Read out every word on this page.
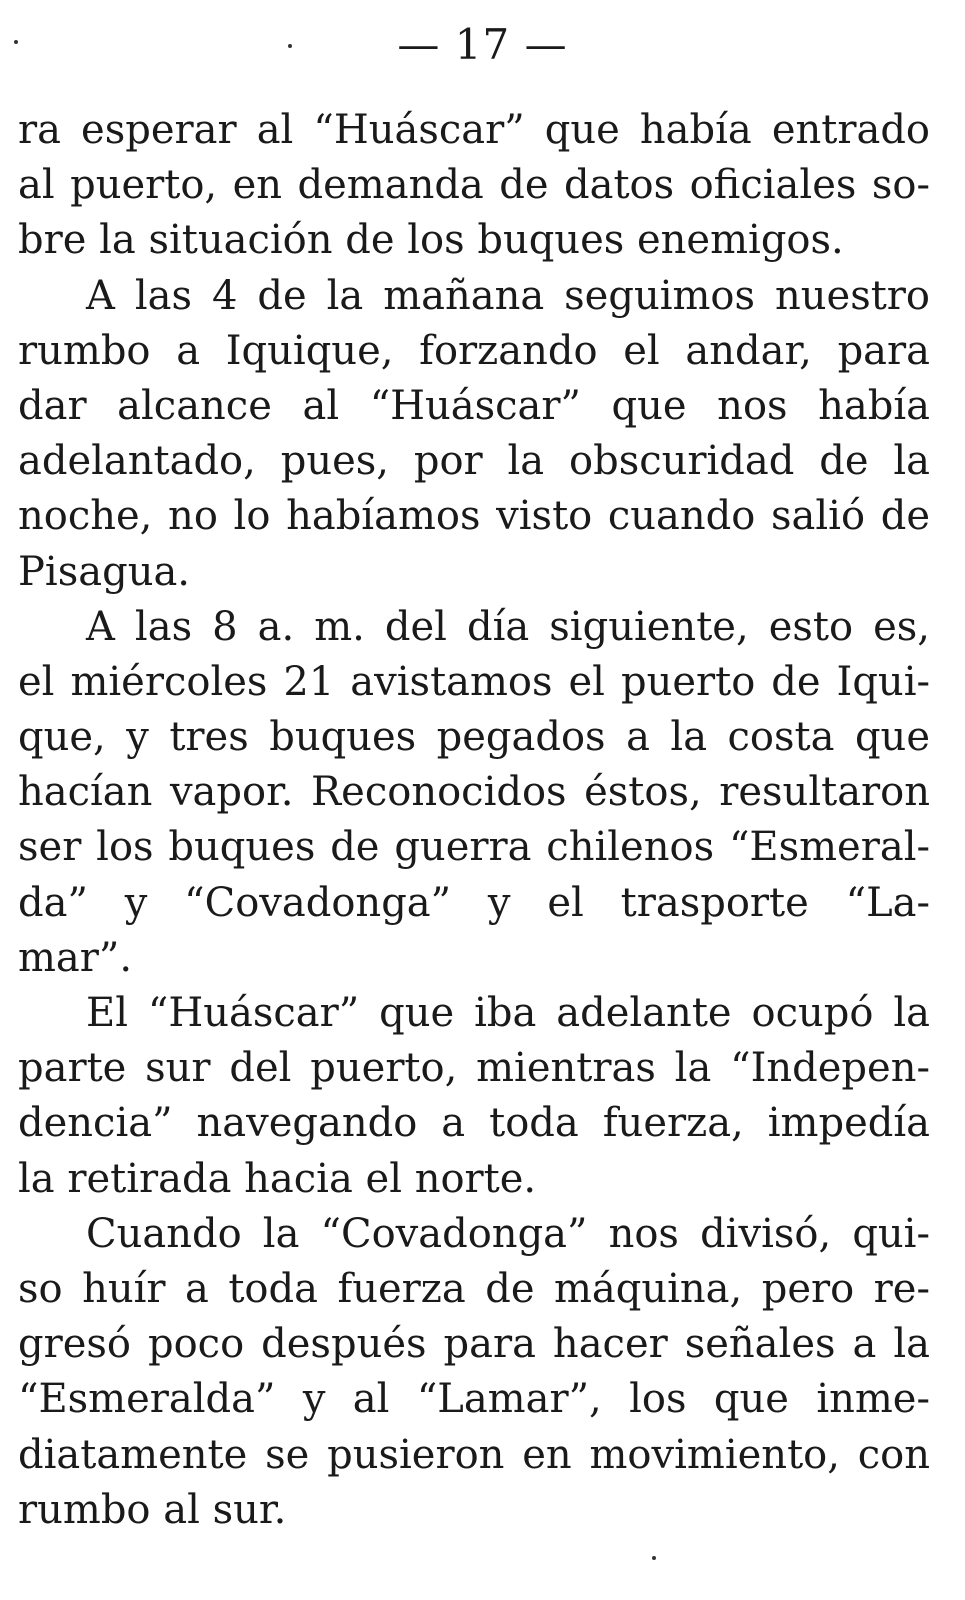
— 17 —
ra esperar al “Huáscar” que había entrado
al puerto, en demanda de datos oficiales so-
bre la situación de los buques enemigos.
A las 4 de la mañana seguimos nuestro
rumbo a Iquique, forzando el andar, para
dar alcance al “Huáscar” que nos había
adelantado, pues, por la obscuridad de la
noche, no lo habíamos visto cuando salió de
Pisagua.
A las 8 a. m. del día siguiente, esto es,
el miércoles 21 avistamos el puerto de Iqui-
que, y tres buques pegados a la costa que
hacían vapor. Reconocidos éstos, resultaron
ser los buques de guerra chilenos “Esmeral-
da” y “Covadonga” y el trasporte “La-
mar”.
El “Huáscar” que iba adelante ocupó la
parte sur del puerto, mientras la “Indepen-
dencia” navegando a toda fuerza, impedía
la retirada hacia el norte.
Cuando la “Covadonga” nos divisó, qui-
so huír a toda fuerza de máquina, pero re-
gresó poco después para hacer señales a la
“Esmeralda” y al “Lamar”, los que inme-
diatamente se pusieron en movimiento, con
rumbo al sur.
